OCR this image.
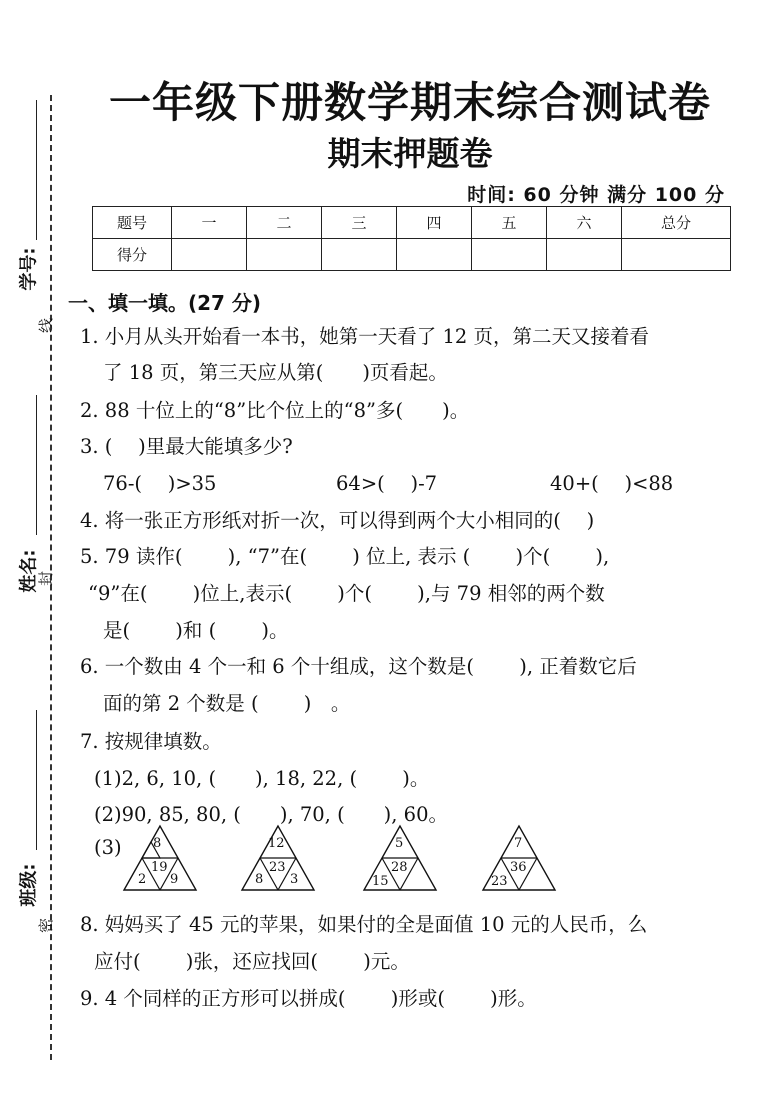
学号:
姓名:
班级:
线
封
密
一年级下册数学期末综合测试卷
期末押题卷
时间: 60 分钟 满分 100 分
题号	一	二	三	四	五	六	总分
得分							
一、填一填。(27 分)
1. 小月从头开始看一本书，她第一天看了 12 页，第二天又接着看
了 18 页，第三天应从第(　　)页看起。
2. 88 十位上的“8”比个位上的“8”多(　　)。
3. (　 )里最大能填多少?
76-(　 )>35	64>(　 )-7	40+(　 )<88
4. 将一张正方形纸对折一次，可以得到两个大小相同的(　 )
5. 79 读作(　　 ), “7”在(　　 ) 位上, 表示 (　　 )个(　　 ),
“9”在(　　 )位上,表示(　　 )个(　　 ),与 79 相邻的两个数
是(　　 )和 (　　 )。
6. 一个数由 4 个一和 6 个十组成，这个数是(　　 ), 正着数它后
面的第 2 个数是 (　　 )　。
7. 按规律填数。
(1)2, 6, 10, (　　), 18, 22, (　　 )。
(2)90, 85, 80, (　　), 70, (　　), 60。
(3) 8
19
2 9
12
23
8 3
5
28
15
7
36
23
8. 妈妈买了 45 元的苹果，如果付的全是面值 10 元的人民币，么
应付(　　 )张，还应找回(　　 )元。
9. 4 个同样的正方形可以拼成(　　 )形或(　　 )形。
